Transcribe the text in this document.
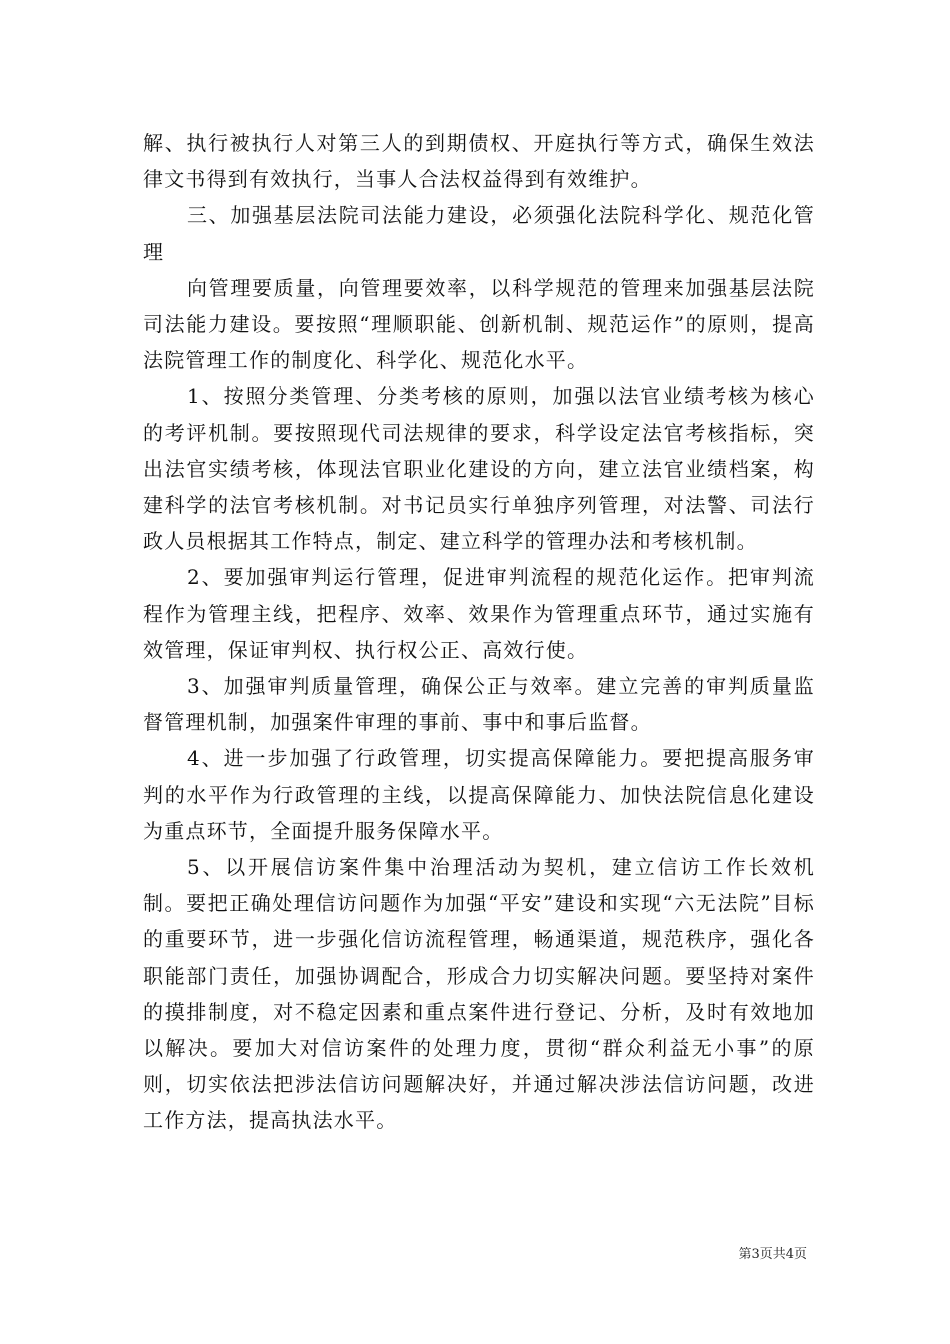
解、执行被执行人对第三人的到期债权、开庭执行等方式，确保生效法律文书得到有效执行，当事人合法权益得到有效维护。

三、加强基层法院司法能力建设，必须强化法院科学化、规范化管理

向管理要质量，向管理要效率，以科学规范的管理来加强基层法院司法能力建设。要按照“理顺职能、创新机制、规范运作”的原则，提高法院管理工作的制度化、科学化、规范化水平。

1、按照分类管理、分类考核的原则，加强以法官业绩考核为核心的考评机制。要按照现代司法规律的要求，科学设定法官考核指标，突出法官实绩考核，体现法官职业化建设的方向，建立法官业绩档案，构建科学的法官考核机制。对书记员实行单独序列管理，对法警、司法行政人员根据其工作特点，制定、建立科学的管理办法和考核机制。

2、要加强审判运行管理，促进审判流程的规范化运作。把审判流程作为管理主线，把程序、效率、效果作为管理重点环节，通过实施有效管理，保证审判权、执行权公正、高效行使。

3、加强审判质量管理，确保公正与效率。建立完善的审判质量监督管理机制，加强案件审理的事前、事中和事后监督。

4、进一步加强了行政管理，切实提高保障能力。要把提高服务审判的水平作为行政管理的主线，以提高保障能力、加快法院信息化建设为重点环节，全面提升服务保障水平。

5、以开展信访案件集中治理活动为契机，建立信访工作长效机制。要把正确处理信访问题作为加强“平安”建设和实现“六无法院”目标的重要环节，进一步强化信访流程管理，畅通渠道，规范秩序，强化各职能部门责任，加强协调配合，形成合力切实解决问题。要坚持对案件的摸排制度，对不稳定因素和重点案件进行登记、分析，及时有效地加以解决。要加大对信访案件的处理力度，贯彻“群众利益无小事”的原则，切实依法把涉法信访问题解决好，并通过解决涉法信访问题，改进工作方法，提高执法水平。

第3页共4页
